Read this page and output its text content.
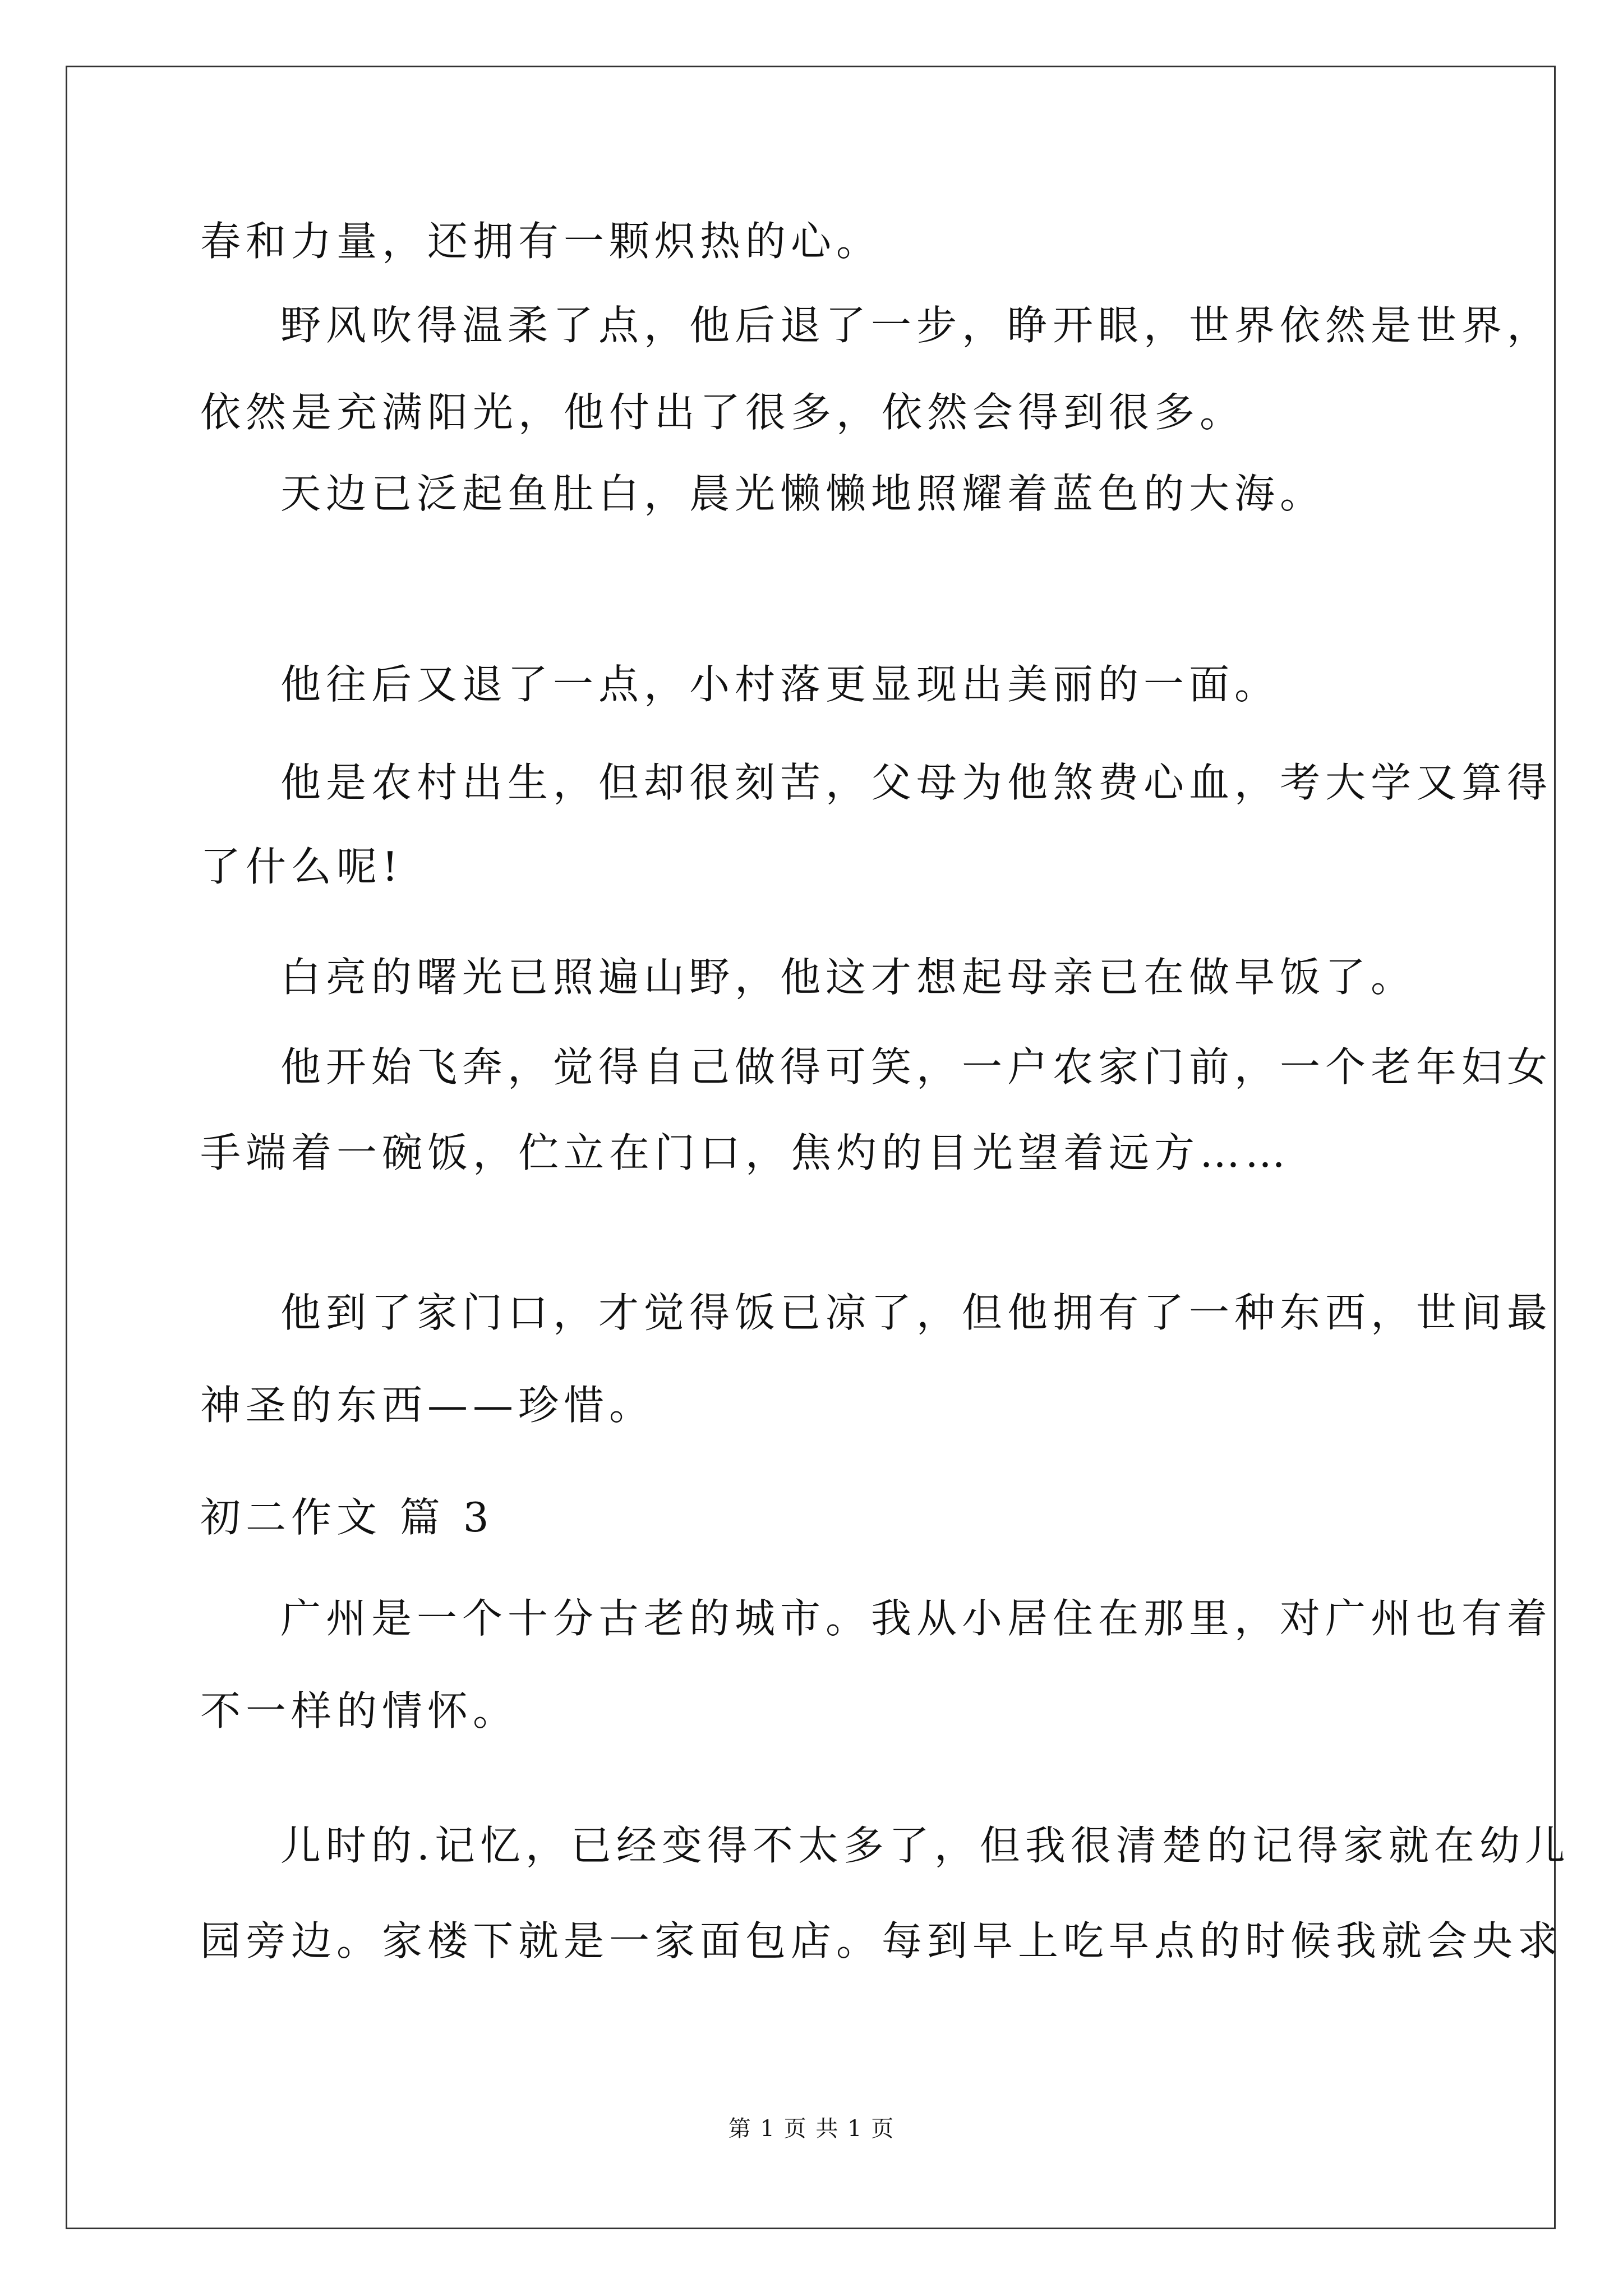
春和力量，还拥有一颗炽热的心。
野风吹得温柔了点，他后退了一步，睁开眼，世界依然是世界，
依然是充满阳光，他付出了很多，依然会得到很多。
天边已泛起鱼肚白，晨光懒懒地照耀着蓝色的大海。
他往后又退了一点，小村落更显现出美丽的一面。
他是农村出生，但却很刻苦，父母为他煞费心血，考大学又算得
了什么呢!
白亮的曙光已照遍山野，他这才想起母亲已在做早饭了。
他开始飞奔，觉得自己做得可笑，一户农家门前，一个老年妇女
手端着一碗饭，伫立在门口，焦灼的目光望着远方……
他到了家门口，才觉得饭已凉了，但他拥有了一种东西，世间最
神圣的东西——珍惜。
初二作文 篇 3
广州是一个十分古老的城市。我从小居住在那里，对广州也有着
不一样的情怀。
儿时的.记忆，已经变得不太多了，但我很清楚的记得家就在幼儿
园旁边。家楼下就是一家面包店。每到早上吃早点的时候我就会央求
第 1 页 共 1 页
